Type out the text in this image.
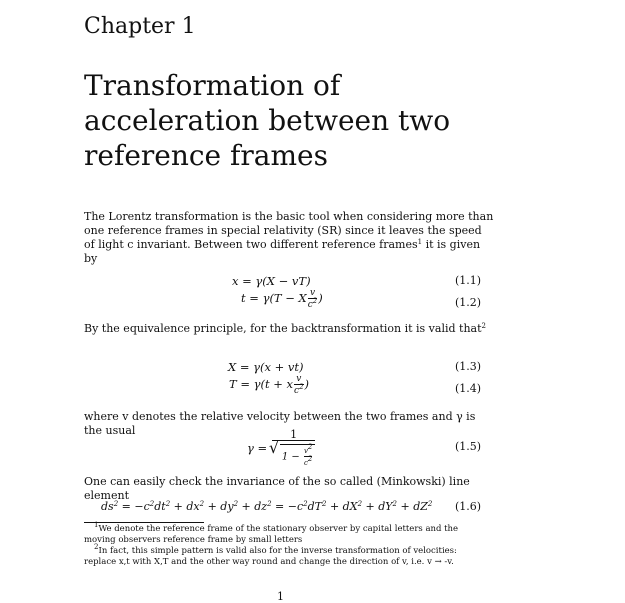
Chapter 1
Transformation of
acceleration between two
reference frames
The Lorentz transformation is the basic tool when considering more than one reference frames in special relativity (SR) since it leaves the speed of light c invariant. Between two different reference frames$^1$ it is given by
x = γ(X − vT)	(1.1)
t = γ(T − X $\frac{v}{c^2}$ )	(1.2)
By the equivalence principle, for the backtransformation it is valid that$^2$
X = γ(x + vt)	(1.3)
T = γ(t + x $\frac{v}{c^2}$ )	(1.4)
where v denotes the relative velocity between the two frames and γ is the usual
γ = 1
√ $1 - \frac{v^2}{c^2}$	(1.5)
One can easily check the invariance of the so called (Minkowski) line element
$ds^2 = -c^2dt^2 + dx^2 + dy^2 + dz^2 = -c^2dT^2 + dX^2 + dY^2 + dZ^2$ (1.6)
$^1$We denote the reference frame of the stationary observer by capital letters and the moving observers reference frame by small letters
$^2$In fact, this simple pattern is valid also for the inverse transformation of velocities: replace x,t with X,T and the other way round and change the direction of v, i.e. v → -v.
1
